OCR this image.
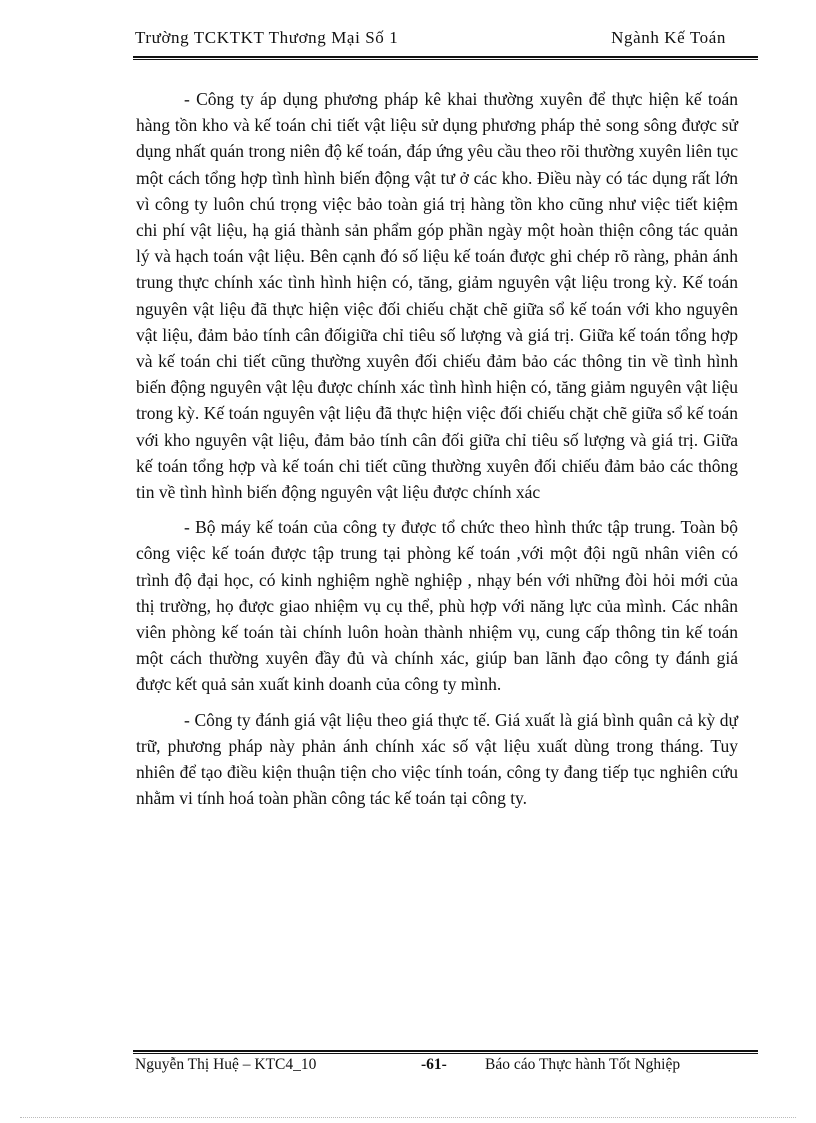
Trường TCKTKT Thương Mại Số 1	Ngành Kế Toán

- Công ty áp dụng phương pháp kê khai thường xuyên để thực hiện kế toán hàng tồn kho và kế toán chi tiết vật liệu sử dụng phương pháp thẻ song sông được sử dụng nhất quán trong niên độ kế toán, đáp ứng yêu cầu theo rõi thường xuyên liên tục một cách tổng hợp tình hình biến động vật tư ở các kho. Điều này có tác dụng rất lớn vì công ty luôn chú trọng việc bảo toàn giá trị hàng tồn kho cũng như việc tiết kiệm chi phí vật liệu, hạ giá thành sản phẩm góp phần ngày một hoàn thiện công tác quản lý và hạch toán vật liệu. Bên cạnh đó số liệu kế toán được ghi chép rõ ràng, phản ánh trung thực chính xác tình hình hiện có, tăng, giảm nguyên vật liệu trong kỳ. Kế toán nguyên vật liệu đã thực hiện việc đối chiếu chặt chẽ giữa sổ kế toán với kho nguyên vật liệu, đảm bảo tính cân đốigiữa chỉ tiêu số lượng và giá trị. Giữa kế toán tổng hợp và kế toán chi tiết cũng thường xuyên đối chiếu đảm bảo các thông tin về tình hình biến động nguyên vật lệu được chính xác tình hình hiện có, tăng giảm nguyên vật liệu trong kỳ. Kế toán nguyên vật liệu đã thực hiện việc đối chiếu chặt chẽ giữa sổ kế toán với kho nguyên vật liệu, đảm bảo tính cân đối giữa chỉ tiêu số lượng và giá trị. Giữa kế toán tổng hợp và kế toán chi tiết cũng thường xuyên đối chiếu đảm bảo các thông tin về tình hình biến động nguyên vật liệu được chính xác

- Bộ máy kế toán của công ty được tổ chức theo hình thức tập trung. Toàn bộ công việc kế toán được tập trung tại phòng kế toán ,với một đội ngũ nhân viên có trình độ đại học, có kinh nghiệm nghề nghiệp , nhạy bén với những đòi hỏi mới của thị trường, họ được giao nhiệm vụ cụ thể, phù hợp với năng lực của mình. Các nhân viên phòng kế toán tài chính luôn hoàn thành nhiệm vụ, cung cấp thông tin kế toán một cách thường xuyên đầy đủ và chính xác, giúp ban lãnh đạo công ty đánh giá được kết quả sản xuất kinh doanh của công ty mình.

- Công ty đánh giá vật liệu theo giá thực tế. Giá xuất là giá bình quân cả kỳ dự trữ, phương pháp này phản ánh chính xác số vật liệu xuất dùng trong tháng. Tuy nhiên để tạo điều kiện thuận tiện cho việc tính toán, công ty đang tiếp tục nghiên cứu nhằm vi tính hoá toàn phần công tác kế toán tại công ty.

Nguyễn Thị Huệ – KTC4_10	-61- Báo cáo Thực hành Tốt Nghiệp
